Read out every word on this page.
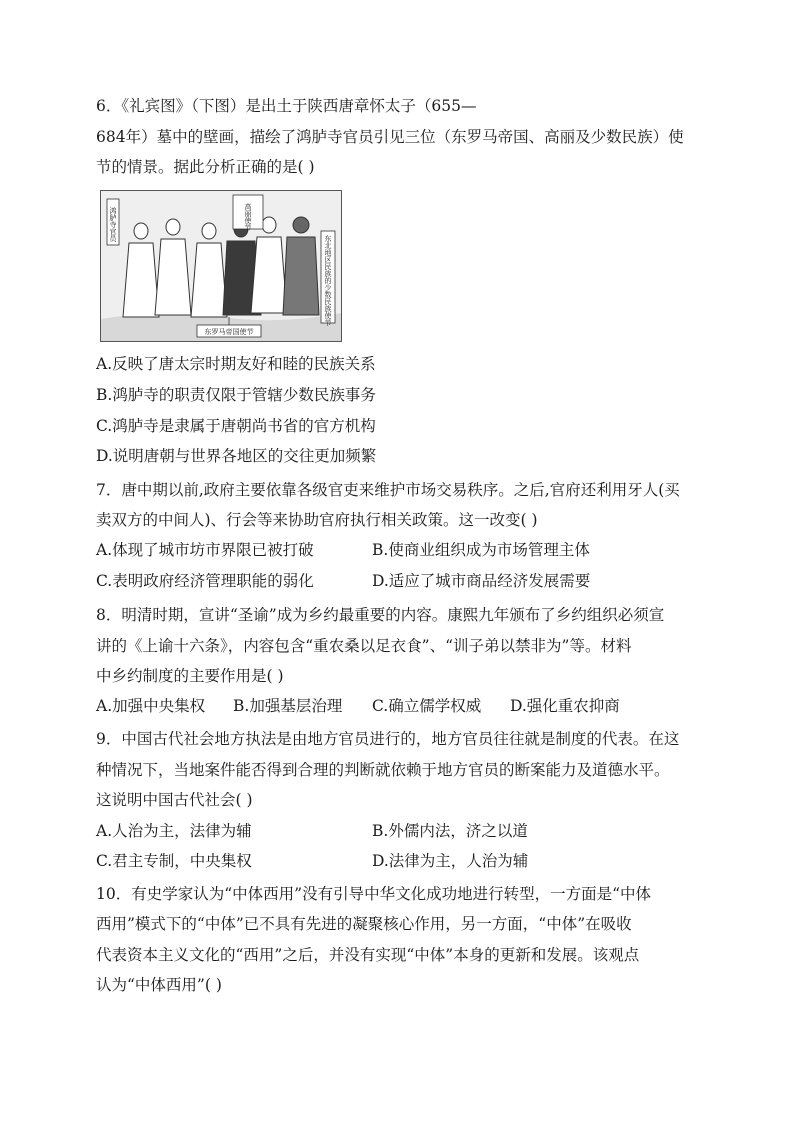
6．《礼宾图》（下图）是出土于陕西唐章怀太子（655—
684年）墓中的壁画，描绘了鸿胪寺官员引见三位（东罗马帝国、高丽及少数民族）使
节的情景。据此分析正确的是( )
鸿胪寺官员	高丽使节
东北地区民族的少数民族使节
东罗马帝国使节
A.反映了唐太宗时期友好和睦的民族关系
B.鸿胪寺的职责仅限于管辖少数民族事务
C.鸿胪寺是隶属于唐朝尚书省的官方机构
D.说明唐朝与世界各地区的交往更加频繁
7．唐中期以前,政府主要依靠各级官吏来维护市场交易秩序。之后,官府还利用牙人(买
卖双方的中间人)、行会等来协助官府执行相关政策。这一改变( )
A.体现了城市坊市界限已被打破	B.使商业组织成为市场管理主体
C.表明政府经济管理职能的弱化	D.适应了城市商品经济发展需要
8．明清时期，宣讲“圣谕”成为乡约最重要的内容。康熙九年颁布了乡约组织必须宣
讲的《上谕十六条》，内容包含“重农桑以足衣食”、“训子弟以禁非为”等。材料
中乡约制度的主要作用是( )
A.加强中央集权 B.加强基层治理 C.确立儒学权威 D.强化重农抑商
9．中国古代社会地方执法是由地方官员进行的，地方官员往往就是制度的代表。在这
种情况下，当地案件能否得到合理的判断就依赖于地方官员的断案能力及道德水平。
这说明中国古代社会( )
A.人治为主，法律为辅	B.外儒内法，济之以道
C.君主专制，中央集权	D.法律为主，人治为辅
10．有史学家认为“中体西用”没有引导中华文化成功地进行转型，一方面是“中体
西用”模式下的“中体”已不具有先进的凝聚核心作用，另一方面，“中体”在吸收
代表资本主义文化的“西用”之后，并没有实现“中体”本身的更新和发展。该观点
认为“中体西用”( )
